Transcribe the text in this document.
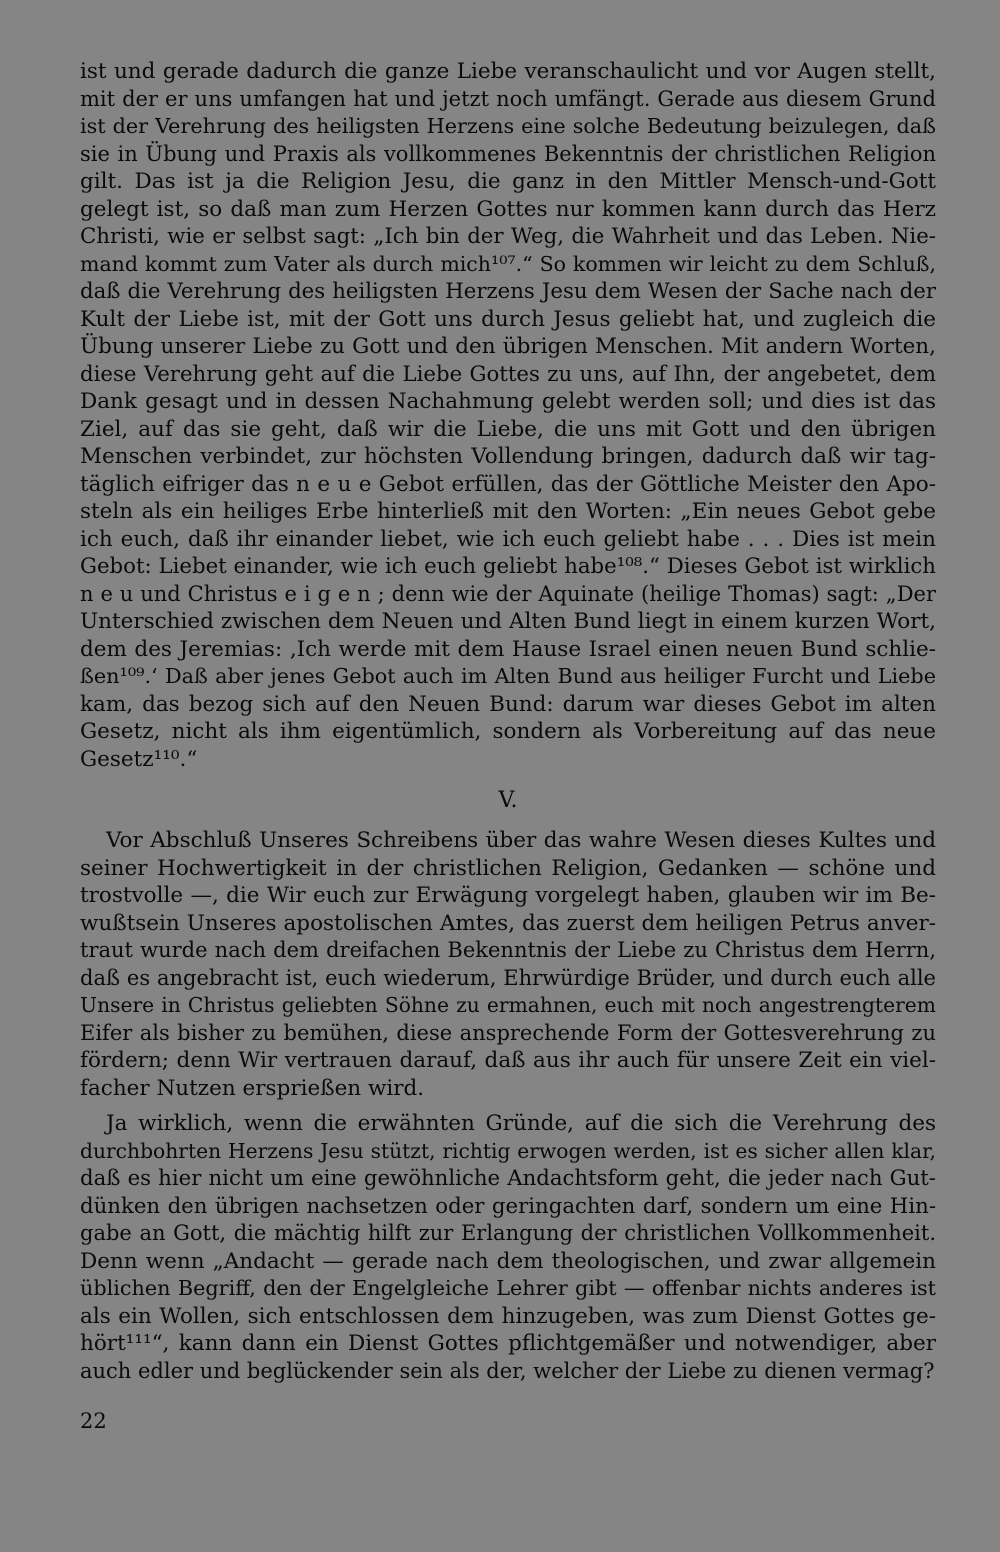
ist und gerade dadurch die ganze Liebe veranschaulicht und vor Augen stellt,
mit der er uns umfangen hat und jetzt noch umfängt. Gerade aus diesem Grund
ist der Verehrung des heiligsten Herzens eine solche Bedeutung beizulegen, daß
sie in Übung und Praxis als vollkommenes Bekenntnis der christlichen Religion
gilt. Das ist ja die Religion Jesu, die ganz in den Mittler Mensch-und-Gott
gelegt ist, so daß man zum Herzen Gottes nur kommen kann durch das Herz
Christi, wie er selbst sagt: „Ich bin der Weg, die Wahrheit und das Leben. Nie-
mand kommt zum Vater als durch mich¹⁰⁷.“ So kommen wir leicht zu dem Schluß,
daß die Verehrung des heiligsten Herzens Jesu dem Wesen der Sache nach der
Kult der Liebe ist, mit der Gott uns durch Jesus geliebt hat, und zugleich die
Übung unserer Liebe zu Gott und den übrigen Menschen. Mit andern Worten,
diese Verehrung geht auf die Liebe Gottes zu uns, auf Ihn, der angebetet, dem
Dank gesagt und in dessen Nachahmung gelebt werden soll; und dies ist das
Ziel, auf das sie geht, daß wir die Liebe, die uns mit Gott und den übrigen
Menschen verbindet, zur höchsten Vollendung bringen, dadurch daß wir tag-
täglich eifriger das n e u e Gebot erfüllen, das der Göttliche Meister den Apo-
steln als ein heiliges Erbe hinterließ mit den Worten: „Ein neues Gebot gebe
ich euch, daß ihr einander liebet, wie ich euch geliebt habe . . . Dies ist mein
Gebot: Liebet einander, wie ich euch geliebt habe¹⁰⁸.“ Dieses Gebot ist wirklich
n e u und Christus e i g e n ; denn wie der Aquinate (heilige Thomas) sagt: „Der
Unterschied zwischen dem Neuen und Alten Bund liegt in einem kurzen Wort,
dem des Jeremias: ‚Ich werde mit dem Hause Israel einen neuen Bund schlie-
ßen¹⁰⁹.‘ Daß aber jenes Gebot auch im Alten Bund aus heiliger Furcht und Liebe
kam, das bezog sich auf den Neuen Bund: darum war dieses Gebot im alten
Gesetz, nicht als ihm eigentümlich, sondern als Vorbereitung auf das neue
Gesetz¹¹⁰.“
V.
Vor Abschluß Unseres Schreibens über das wahre Wesen dieses Kultes und
seiner Hochwertigkeit in der christlichen Religion, Gedanken — schöne und
trostvolle —, die Wir euch zur Erwägung vorgelegt haben, glauben wir im Be-
wußtsein Unseres apostolischen Amtes, das zuerst dem heiligen Petrus anver-
traut wurde nach dem dreifachen Bekenntnis der Liebe zu Christus dem Herrn,
daß es angebracht ist, euch wiederum, Ehrwürdige Brüder, und durch euch alle
Unsere in Christus geliebten Söhne zu ermahnen, euch mit noch angestrengterem
Eifer als bisher zu bemühen, diese ansprechende Form der Gottesverehrung zu
fördern; denn Wir vertrauen darauf, daß aus ihr auch für unsere Zeit ein viel-
facher Nutzen ersprießen wird.
Ja wirklich, wenn die erwähnten Gründe, auf die sich die Verehrung des
durchbohrten Herzens Jesu stützt, richtig erwogen werden, ist es sicher allen klar,
daß es hier nicht um eine gewöhnliche Andachtsform geht, die jeder nach Gut-
dünken den übrigen nachsetzen oder geringachten darf, sondern um eine Hin-
gabe an Gott, die mächtig hilft zur Erlangung der christlichen Vollkommenheit.
Denn wenn „Andacht — gerade nach dem theologischen, und zwar allgemein
üblichen Begriff, den der Engelgleiche Lehrer gibt — offenbar nichts anderes ist
als ein Wollen, sich entschlossen dem hinzugeben, was zum Dienst Gottes ge-
hört¹¹¹“, kann dann ein Dienst Gottes pflichtgemäßer und notwendiger, aber
auch edler und beglückender sein als der, welcher der Liebe zu dienen vermag?
22
